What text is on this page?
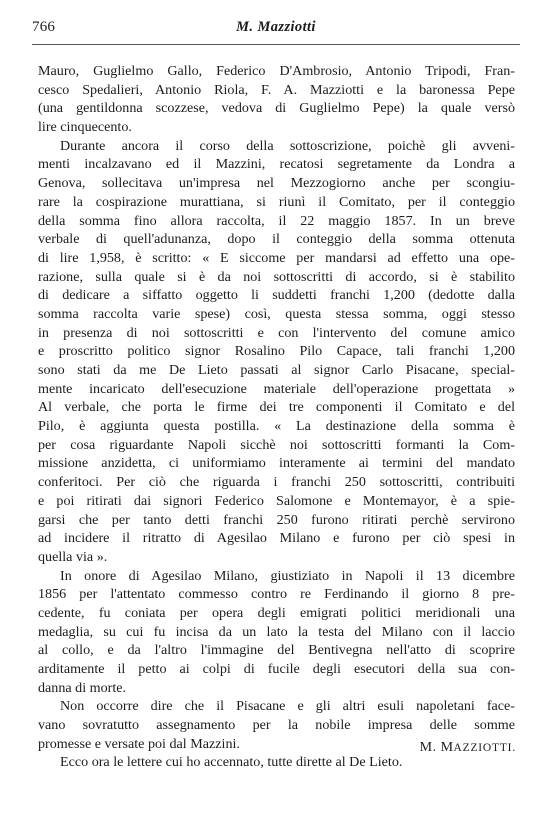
766	M. Mazziotti
Mauro, Guglielmo Gallo, Federico D'Ambrosio, Antonio Tripodi, Fran-
cesco Spedalieri, Antonio Riola, F. A. Mazziotti e la baronessa Pepe
(una gentildonna scozzese, vedova di Guglielmo Pepe) la quale versò
lire cinquecento.
Durante ancora il corso della sottoscrizione, poichè gli avveni-
menti incalzavano ed il Mazzini, recatosi segretamente da Londra a
Genova, sollecitava un'impresa nel Mezzogiorno anche per scongiu-
rare la cospirazione murattiana, si riunì il Comitato, per il conteggio
della somma fino allora raccolta, il 22 maggio 1857. In un breve
verbale di quell'adunanza, dopo il conteggio della somma ottenuta
di lire 1,958, è scritto: « E siccome per mandarsi ad effetto una ope-
razione, sulla quale si è da noi sottoscritti di accordo, si è stabilito
di dedicare a siffatto oggetto li suddetti franchi 1,200 (dedotte dalla
somma raccolta varie spese) così, questa stessa somma, oggi stesso
in presenza di noi sottoscritti e con l'intervento del comune amico
e proscritto politico signor Rosalino Pilo Capace, tali franchi 1,200
sono stati da me De Lieto passati al signor Carlo Pisacane, special-
mente incaricato dell'esecuzione materiale dell'operazione progettata »
Al verbale, che porta le firme dei tre componenti il Comitato e del
Pilo, è aggiunta questa postilla. « La destinazione della somma è
per cosa riguardante Napoli sicchè noi sottoscritti formanti la Com-
missione anzidetta, ci uniformiamo interamente ai termini del mandato
conferitoci. Per ciò che riguarda i franchi 250 sottoscritti, contribuiti
e poi ritirati dai signori Federico Salomone e Montemayor, è a spie-
garsi che per tanto detti franchi 250 furono ritirati perchè servirono
ad incidere il ritratto di Agesilao Milano e furono per ciò spesi in
quella via ».
In onore di Agesilao Milano, giustiziato in Napoli il 13 dicembre
1856 per l'attentato commesso contro re Ferdinando il giorno 8 pre-
cedente, fu coniata per opera degli emigrati politici meridionali una
medaglia, su cui fu incisa da un lato la testa del Milano con il laccio
al collo, e da l'altro l'immagine del Bentivegna nell'atto di scoprire
arditamente il petto ai colpi di fucile degli esecutori della sua con-
danna di morte.
Non occorre dire che il Pisacane e gli altri esuli napoletani face-
vano sovratutto assegnamento per la nobile impresa delle somme
promesse e versate poi dal Mazzini.
Ecco ora le lettere cui ho accennato, tutte dirette al De Lieto.
M. MAZZIOTTI.
